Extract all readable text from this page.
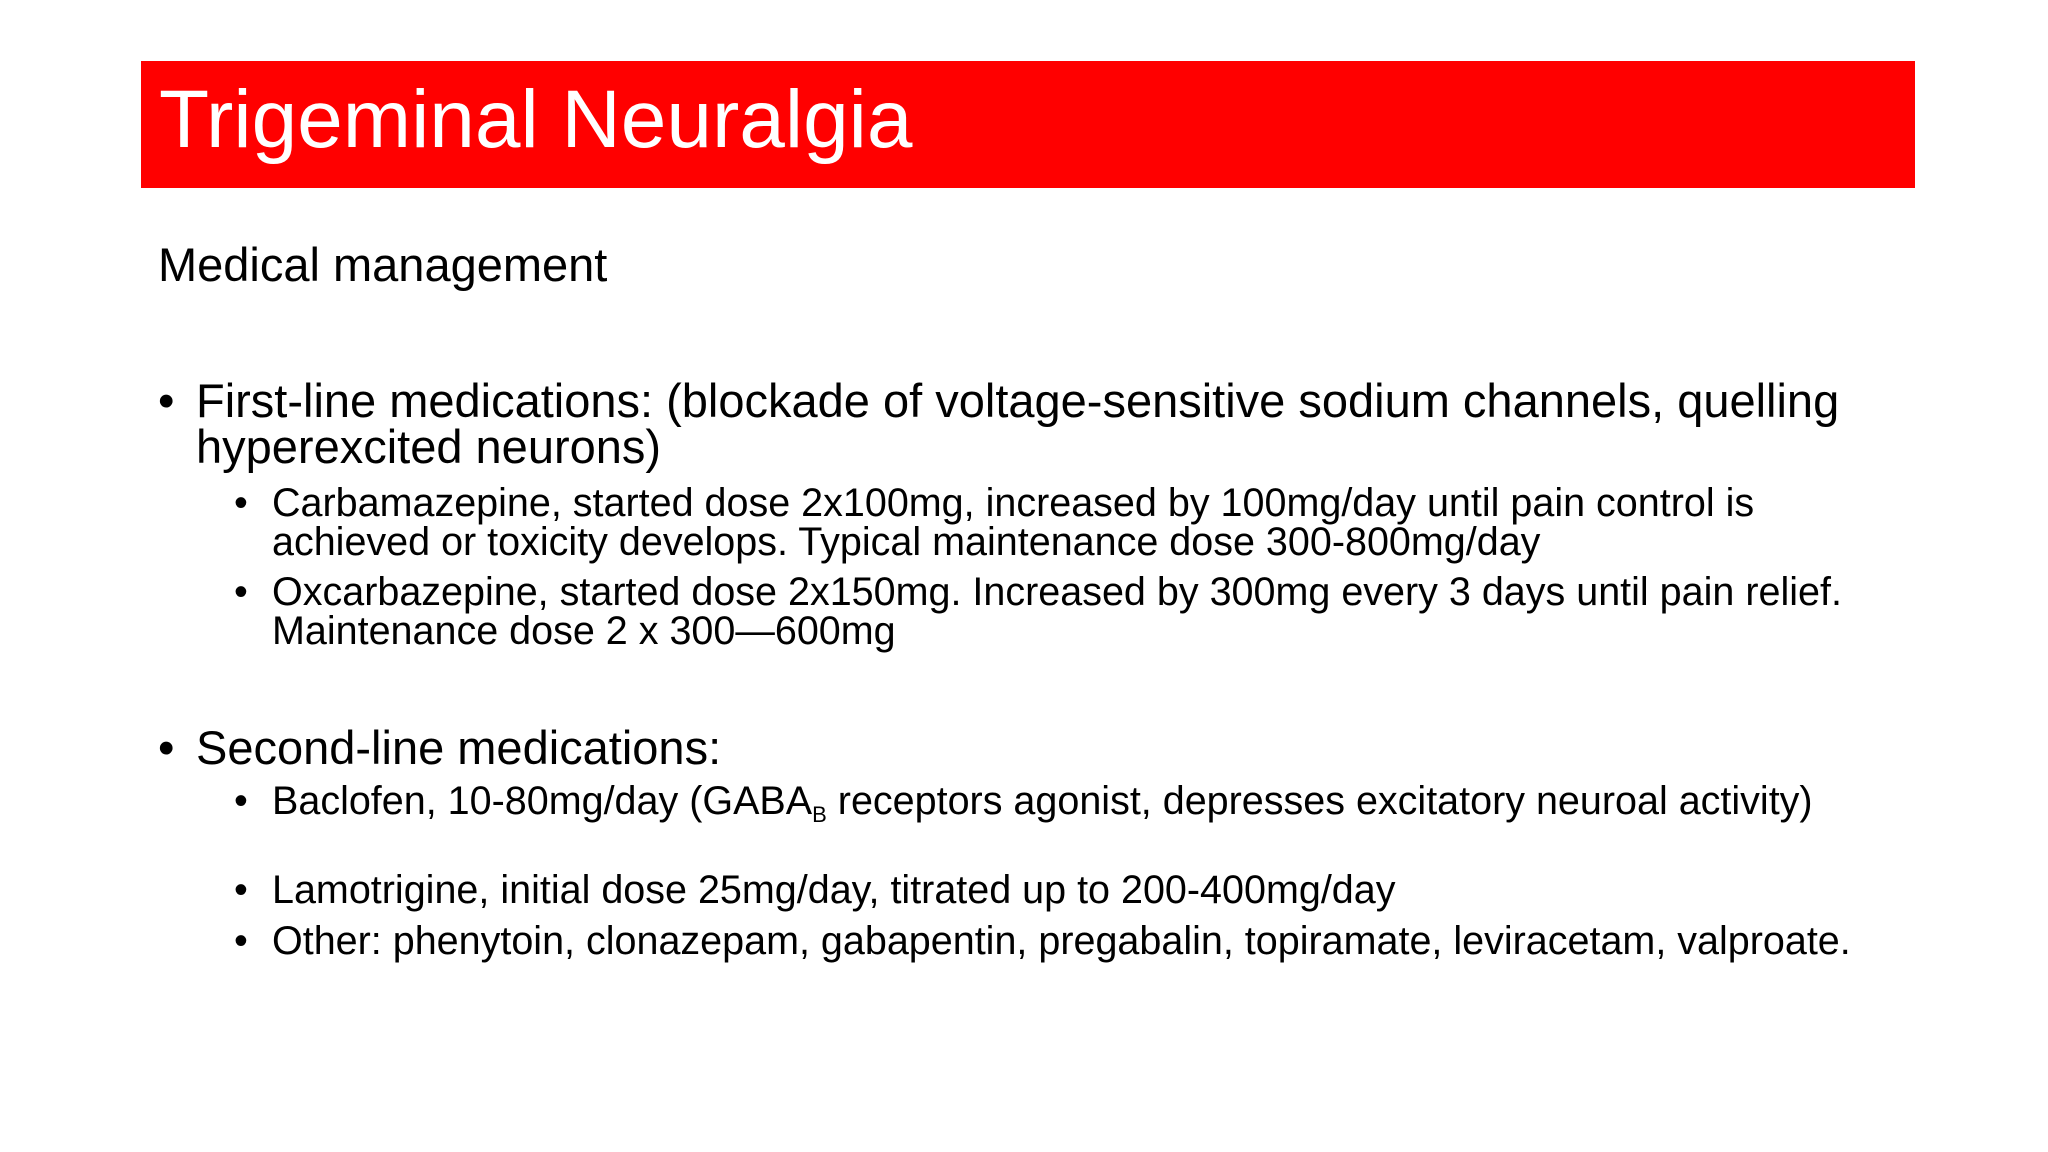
Trigeminal Neuralgia

Medical management

• First-line medications: (blockade of voltage-sensitive sodium channels, quelling hyperexcited neurons)
• Carbamazepine, started dose 2x100mg, increased by 100mg/day until pain control is achieved or toxicity develops. Typical maintenance dose 300-800mg/day
• Oxcarbazepine, started dose 2x150mg. Increased by 300mg every 3 days until pain relief. Maintenance dose 2 x 300—600mg
• Second-line medications:
• Baclofen, 10-80mg/day ($GABA_B$ receptors agonist, depresses excitatory neuroal activity)
• Lamotrigine, initial dose 25mg/day, titrated up to 200-400mg/day
• Other: phenytoin, clonazepam, gabapentin, pregabalin, topiramate, leviracetam, valproate.
